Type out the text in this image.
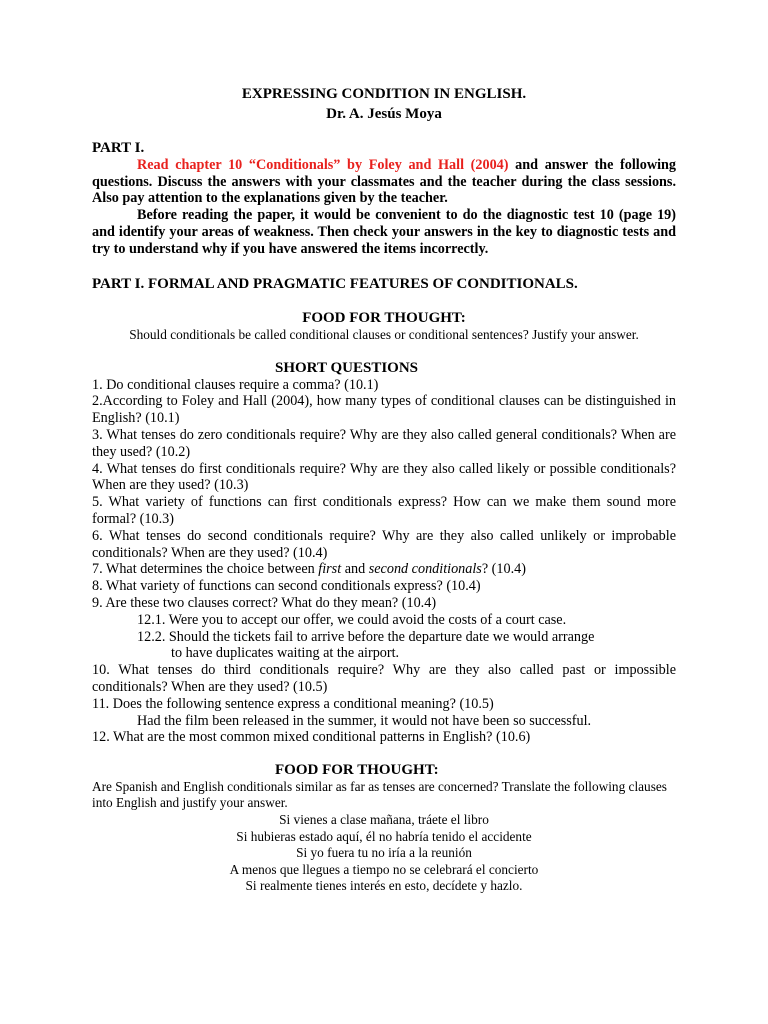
EXPRESSING CONDITION IN ENGLISH.

Dr. A. Jesús Moya

PART I.

Read chapter 10 “Conditionals” by Foley and Hall (2004) and answer the following questions. Discuss the answers with your classmates and the teacher during the class sessions. Also pay attention to the explanations given by the teacher.

Before reading the paper, it would be convenient to do the diagnostic test 10 (page 19) and identify your areas of weakness. Then check your answers in the key to diagnostic tests and try to understand why if you have answered the items incorrectly.

PART I. FORMAL AND PRAGMATIC FEATURES OF CONDITIONALS.

FOOD FOR THOUGHT:

Should conditionals be called conditional clauses or conditional sentences? Justify your answer.

SHORT QUESTIONS

1. Do conditional clauses require a comma? (10.1)

2.According to Foley and Hall (2004), how many types of conditional clauses can be distinguished in English? (10.1)

3. What tenses do zero conditionals require? Why are they also called general conditionals? When are they used? (10.2)

4. What tenses do first conditionals require? Why are they also called likely or possible conditionals? When are they used? (10.3)

5. What variety of functions can first conditionals express? How can we make them sound more formal? (10.3)

6. What tenses do second conditionals require? Why are they also called unlikely or improbable conditionals? When are they used? (10.4)

7. What determines the choice between first and second conditionals? (10.4)

8. What variety of functions can second conditionals express? (10.4)

9. Are these two clauses correct? What do they mean? (10.4)

12.1. Were you to accept our offer, we could avoid the costs of a court case.

12.2. Should the tickets fail to arrive before the departure date we would arrange

to have duplicates waiting at the airport.

10. What tenses do third conditionals require? Why are they also called past or impossible conditionals? When are they used? (10.5)

11. Does the following sentence express a conditional meaning? (10.5)

Had the film been released in the summer, it would not have been so successful.

12. What are the most common mixed conditional patterns in English? (10.6)

FOOD FOR THOUGHT:

Are Spanish and English conditionals similar as far as tenses are concerned? Translate the following clauses into English and justify your answer.

Si vienes a clase mañana, tráete el libro

Si hubieras estado aquí, él no habría tenido el accidente

Si yo fuera tu no iría a la reunión

A menos que llegues a tiempo no se celebrará el concierto

Si realmente tienes interés en esto, decídete y hazlo.
